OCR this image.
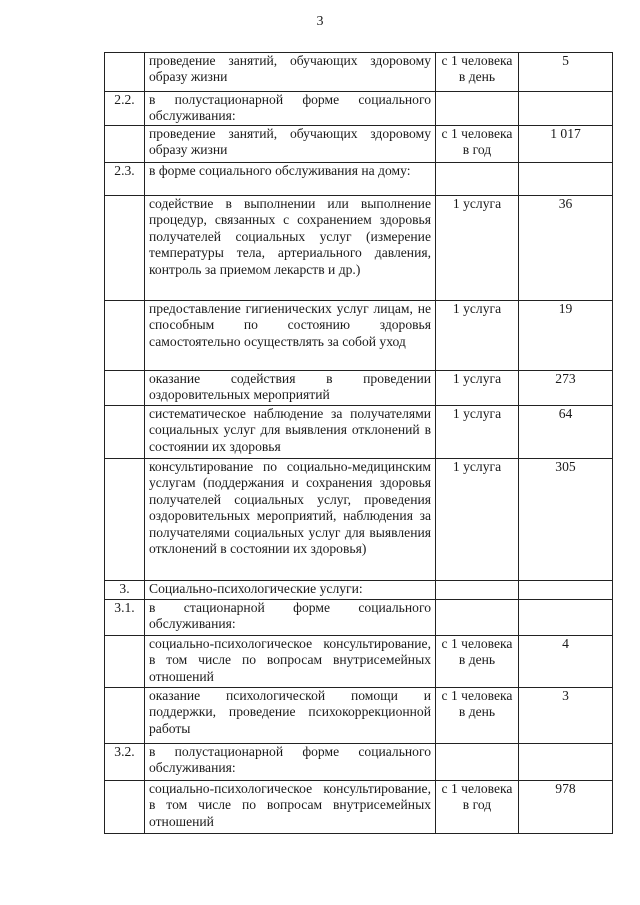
3
	проведение занятий, обучающих здоровому образу жизни	с 1 человека в день	5
2.2.	в полустационарной форме социального обслуживания:		
	проведение занятий, обучающих здоровому образу жизни	с 1 человека в год	1 017
2.3.	в форме социального обслуживания на дому:		
	содействие в выполнении или выполнение процедур, связанных с сохранением здоровья получателей социальных услуг (измерение температуры тела, артериального давления, контроль за приемом лекарств и др.)	1 услуга	36
	предоставление гигиенических услуг лицам, не способным по состоянию здоровья самостоятельно осуществлять за собой уход	1 услуга	19
	оказание содействия в проведении оздоровительных мероприятий	1 услуга	273
	систематическое наблюдение за получателями социальных услуг для выявления отклонений в состоянии их здоровья	1 услуга	64
	консультирование по социально-медицинским услугам (поддержания и сохранения здоровья получателей социальных услуг, проведения оздоровительных мероприятий, наблюдения за получателями социальных услуг для выявления отклонений в состоянии их здоровья)	1 услуга	305
3.	Социально-психологические услуги:		
3.1.	в стационарной форме социального обслуживания:		
	социально-психологическое консультирование, в том числе по вопросам внутрисемейных отношений	с 1 человека в день	4
	оказание психологической помощи и поддержки, проведение психокоррекционной работы	с 1 человека в день	3
3.2.	в полустационарной форме социального обслуживания:		
	социально-психологическое консультирование, в том числе по вопросам внутрисемейных отношений	с 1 человека в год	978
